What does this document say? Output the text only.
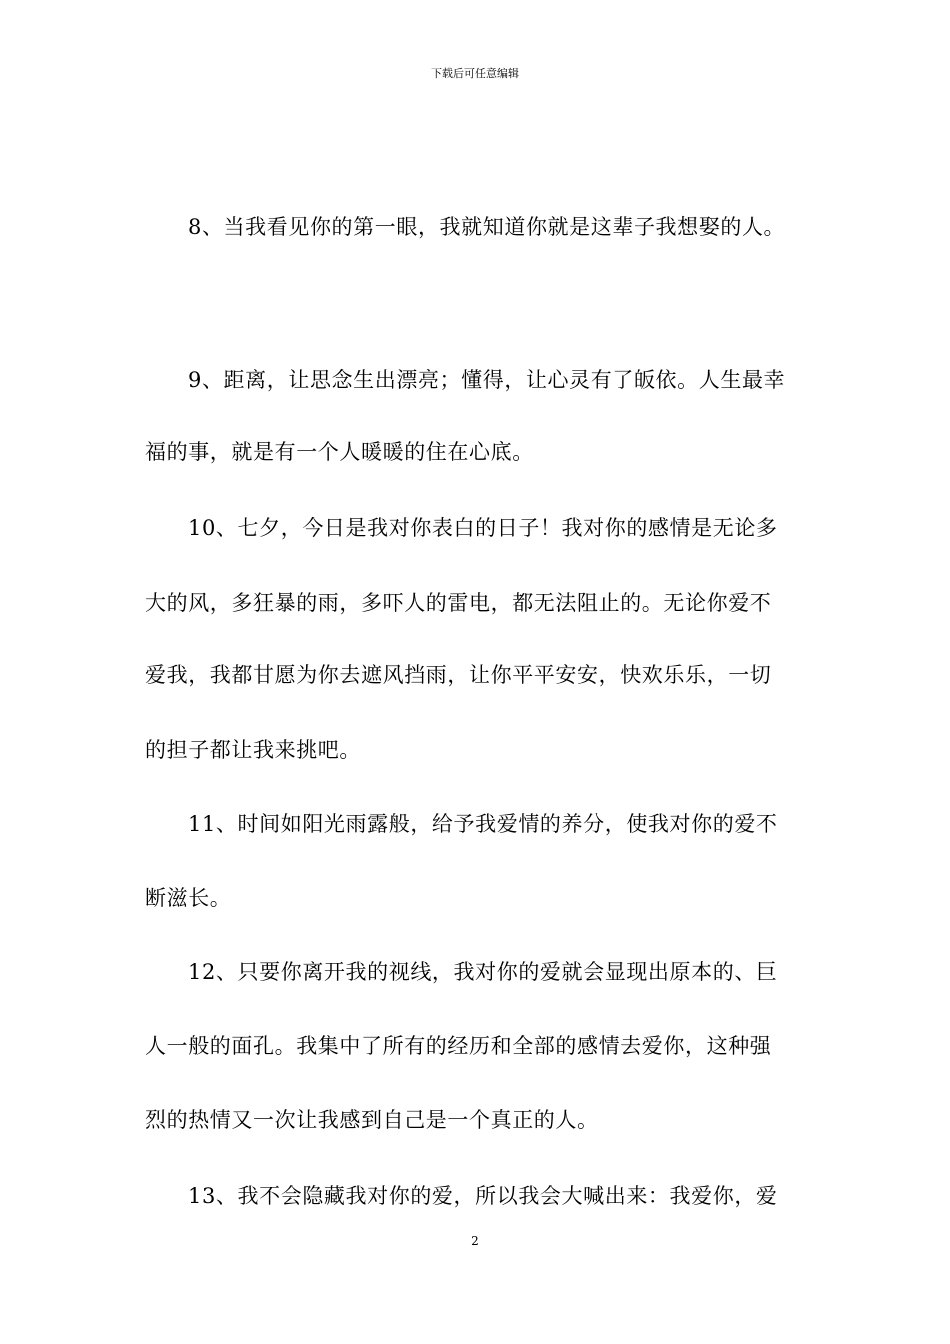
下载后可任意编辑
8、当我看见你的第一眼，我就知道你就是这辈子我想娶的人。
9、距离，让思念生出漂亮；懂得，让心灵有了皈依。人生最幸
福的事，就是有一个人暖暖的住在心底。
10、七夕，今日是我对你表白的日子！我对你的感情是无论多
大的风，多狂暴的雨，多吓人的雷电，都无法阻止的。无论你爱不
爱我，我都甘愿为你去遮风挡雨，让你平平安安，快欢乐乐，一切
的担子都让我来挑吧。
11、时间如阳光雨露般，给予我爱情的养分，使我对你的爱不
断滋长。
12、只要你离开我的视线，我对你的爱就会显现出原本的、巨
人一般的面孔。我集中了所有的经历和全部的感情去爱你，这种强
烈的热情又一次让我感到自己是一个真正的人。
13、我不会隐藏我对你的爱，所以我会大喊出来：我爱你，爱
2
